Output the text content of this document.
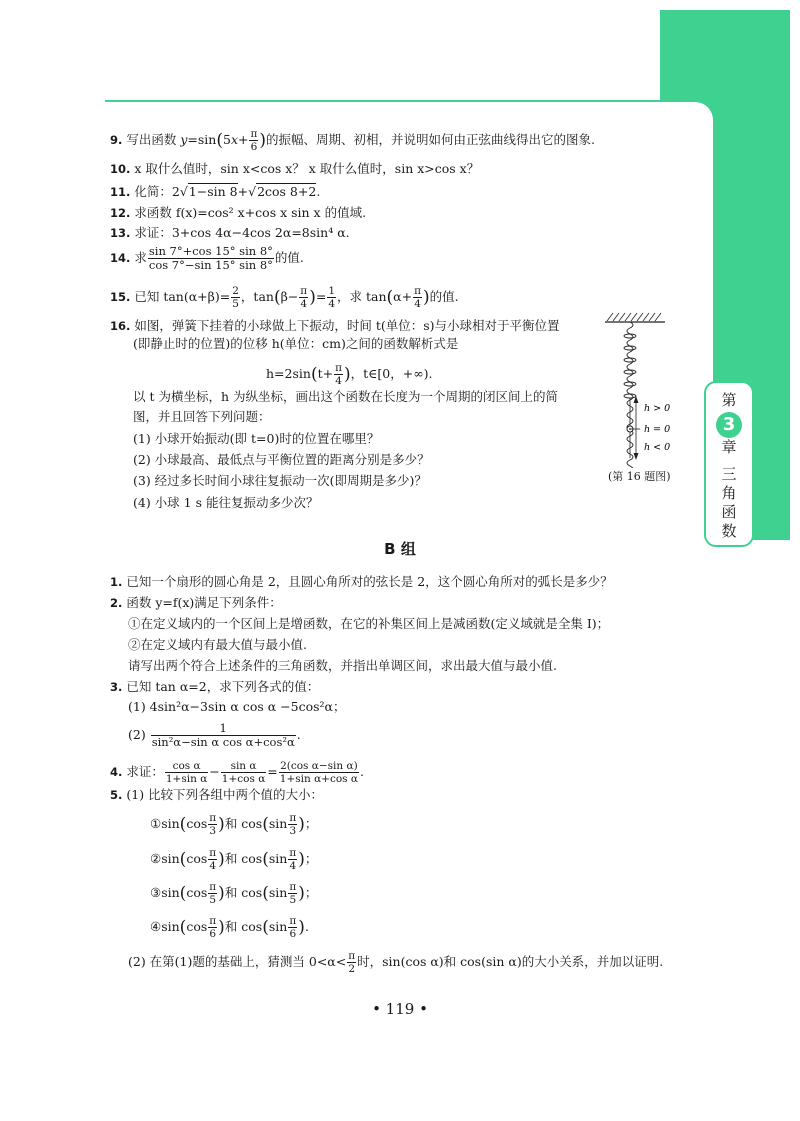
第
3
章
三
角
函
数
9. 写出函数 $y=\sin(5x+ \frac{\pi}{6}$ )的振幅、周期、初相，并说明如何由正弦曲线得出它的图象.
10. x 取什么值时，sin x<cos x？ x 取什么值时，sin x>cos x？
11. 化简：2√1−sin 8+√2cos 8+2.
12. 求函数 f(x)=cos² x+cos x sin x 的值域.
13. 求证：3+cos 4α−4cos 2α=8sin⁴ α.
14. 求 $\frac{\sin 7^\circ+\cos 15^\circ \sin 8^\circ}{\cos 7^\circ-\sin 15^\circ \sin 8^\circ}$ 的值.
15. 已知 $\tan(\alpha+\beta)= \frac{2}{5}$ ，$\tan(\beta- \frac{\pi}{4}$ )= $\frac{1}{4}$ ，求 $\tan(\alpha+ \frac{\pi}{4}$ )的值.
16. 如图，弹簧下挂着的小球做上下振动，时间 t(单位：s)与小球相对于平衡位置
(即静止时的位置)的位移 h(单位：cm)之间的函数解析式是
$h=2\sin(t+ \frac{\pi}{4}$ )，t∈[0，+∞).
以 t 为横坐标，h 为纵坐标，画出这个函数在长度为一个周期的闭区间上的简
图，并且回答下列问题：
(1) 小球开始振动(即 t=0)时的位置在哪里？
(2) 小球最高、最低点与平衡位置的距离分别是多少？
(3) 经过多长时间小球往复振动一次(即周期是多少)？
(4) 小球 1 s 能往复振动多少次？
h > 0
h = 0
h < 0
(第 16 题图)
B 组
1. 已知一个扇形的圆心角是 2，且圆心角所对的弦长是 2，这个圆心角所对的弧长是多少？
2. 函数 y=f(x)满足下列条件：
①在定义域内的一个区间上是增函数，在它的补集区间上是减函数(定义域就是全集 I)；
②在定义域内有最大值与最小值.
请写出两个符合上述条件的三角函数，并指出单调区间，求出最大值与最小值.
3. 已知 tan α=2，求下列各式的值：
(1) 4sin²α−3sin α cos α −5cos²α；
$(2) \frac{1}{\text{sin²α−sin α cos α+cos²α}}$ .
4. 求证： $\frac{\text{cos α}}{\text{1+sin α}} - \frac{\text{sin α}}{\text{1+cos α}} = \frac{\text{2(cos α−sin α)}}{\text{1+sin α+cos α}}$ .
5. (1) 比较下列各组中两个值的大小：
①sin(cos $\frac{\pi}{3}$ )和 $\cos(\sin \frac{\pi}{3}$ )；
②sin(cos $\frac{\pi}{4}$ )和 $\cos(\sin \frac{\pi}{4}$ )；
③sin(cos $\frac{\pi}{5}$ )和 $\cos(\sin \frac{\pi}{5}$ )；
④sin(cos $\frac{\pi}{6}$ )和 $\cos(\sin \frac{\pi}{6}$ ).
(2) 在第(1)题的基础上，猜测当 $0<\alpha< \frac{\pi}{2}$ 时，sin(cos α)和 cos(sin α)的大小关系，并加以证明.
• 119 •
